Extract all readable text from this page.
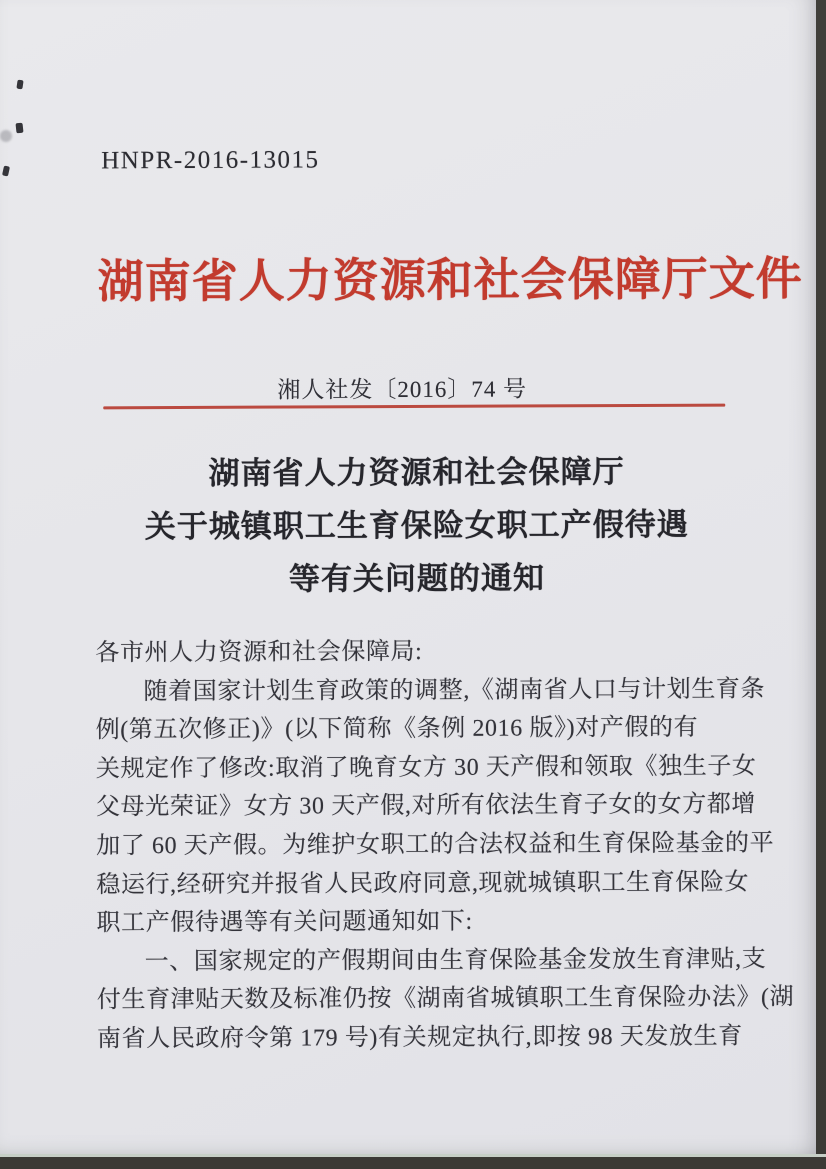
HNPR-2016-13015
湖南省人力资源和社会保障厅文件
湘人社发〔2016〕74 号
湖南省人力资源和社会保障厅
关于城镇职工生育保险女职工产假待遇
等有关问题的通知
各市州人力资源和社会保障局:
随着国家计划生育政策的调整,《湖南省人口与计划生育条
例(第五次修正)》(以下简称《条例 2016 版》)对产假的有
关规定作了修改:取消了晚育女方 30 天产假和领取《独生子女
父母光荣证》女方 30 天产假,对所有依法生育子女的女方都增
加了 60 天产假。为维护女职工的合法权益和生育保险基金的平
稳运行,经研究并报省人民政府同意,现就城镇职工生育保险女
职工产假待遇等有关问题通知如下:
一、国家规定的产假期间由生育保险基金发放生育津贴,支
付生育津贴天数及标准仍按《湖南省城镇职工生育保险办法》(湖
南省人民政府令第 179 号)有关规定执行,即按 98 天发放生育
